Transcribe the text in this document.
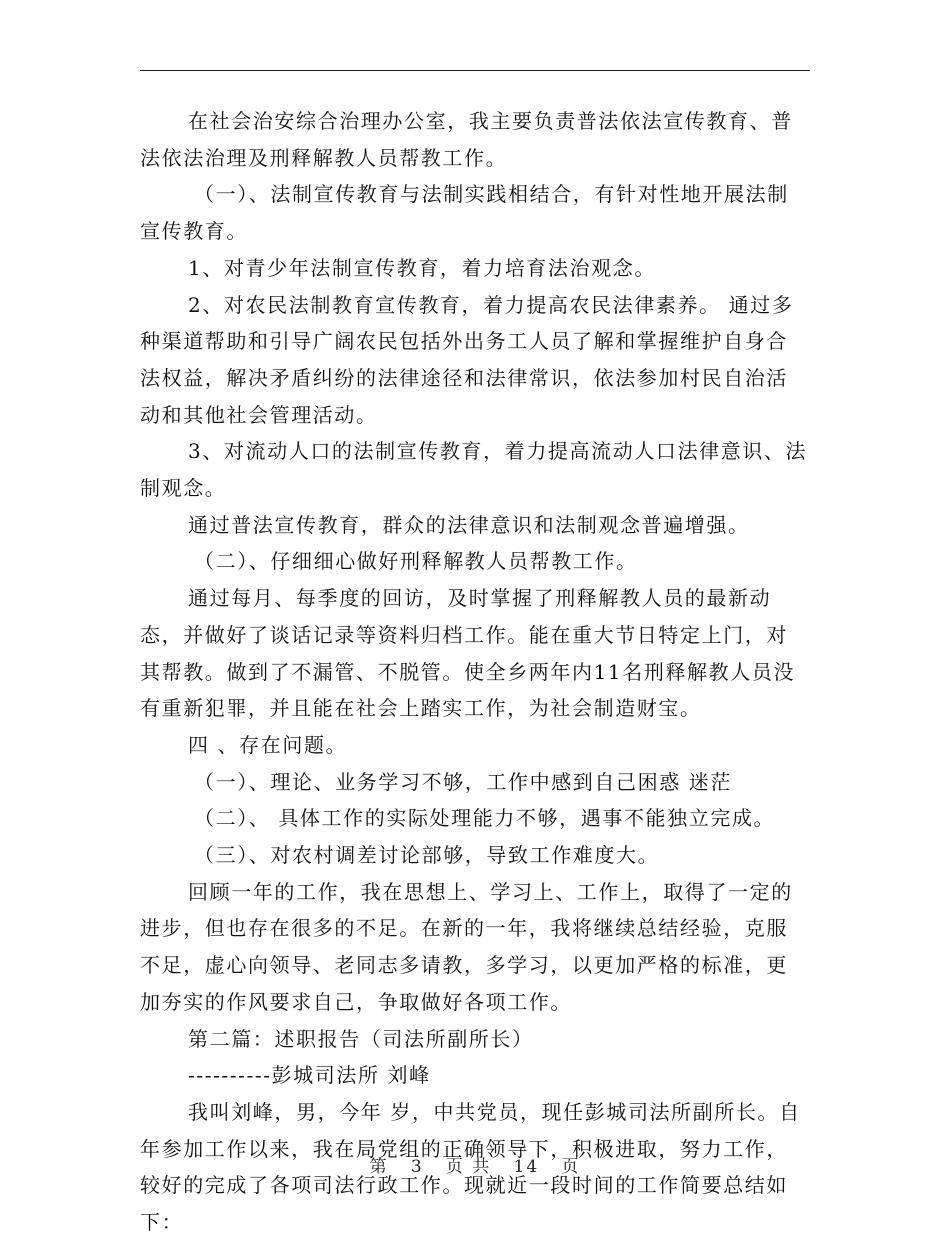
在社会治安综合治理办公室，我主要负责普法依法宣传教育、普法依法治理及刑释解教人员帮教工作。

（一）、法制宣传教育与法制实践相结合，有针对性地开展法制宣传教育。

1、对青少年法制宣传教育，着力培育法治观念。

2、对农民法制教育宣传教育，着力提高农民法律素养。 通过多种渠道帮助和引导广阔农民包括外出务工人员了解和掌握维护自身合法权益，解决矛盾纠纷的法律途径和法律常识，依法参加村民自治活动和其他社会管理活动。

3、对流动人口的法制宣传教育，着力提高流动人口法律意识、法制观念。

通过普法宣传教育，群众的法律意识和法制观念普遍增强。

（二）、仔细细心做好刑释解教人员帮教工作。

通过每月、每季度的回访，及时掌握了刑释解教人员的最新动态，并做好了谈话记录等资料归档工作。能在重大节日特定上门，对其帮教。做到了不漏管、不脱管。使全乡两年内11名刑释解教人员没有重新犯罪，并且能在社会上踏实工作，为社会制造财宝。

四 、存在问题。

（一）、理论、业务学习不够，工作中感到自己困惑 迷茫

（二）、 具体工作的实际处理能力不够，遇事不能独立完成。

（三）、对农村调差讨论部够，导致工作难度大。

回顾一年的工作，我在思想上、学习上、工作上，取得了一定的进步，但也存在很多的不足。在新的一年，我将继续总结经验，克服不足，虚心向领导、老同志多请教，多学习，以更加严格的标准，更加夯实的作风要求自己，争取做好各项工作。

第二篇：述职报告（司法所副所长）

----------彭城司法所 刘峰

我叫刘峰，男，今年 岁，中共党员，现任彭城司法所副所长。自年参加工作以来，我在局党组的正确领导下，积极进取，努力工作，较好的完成了各项司法行政工作。现就近一段时间的工作简要总结如下：

第 3 页 共 14 页
